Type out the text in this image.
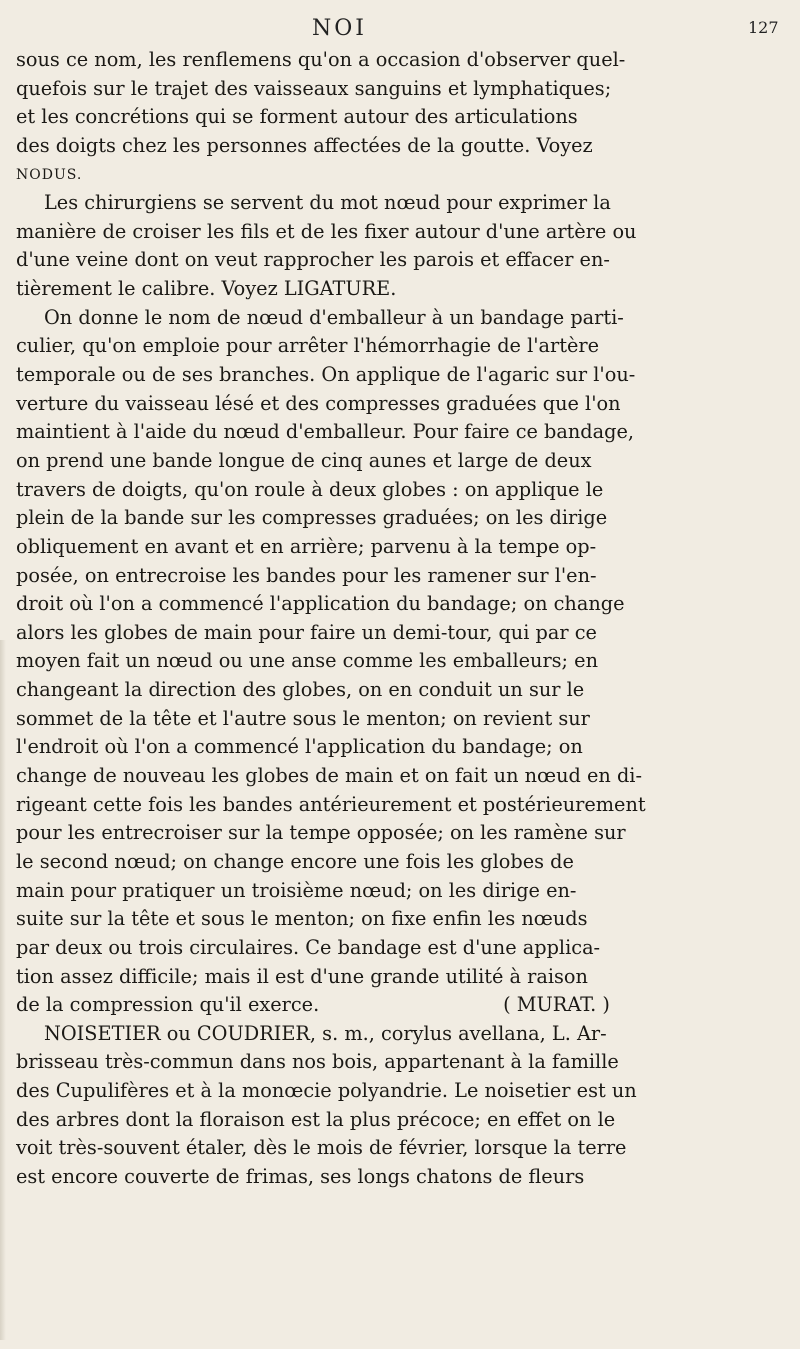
NOI	127
sous ce nom, les renflemens qu'on a occasion d'observer quel-
quefois sur le trajet des vaisseaux sanguins et lymphatiques;
et les concrétions qui se forment autour des articulations
des doigts chez les personnes affectées de la goutte. Voyez
NODUS.
Les chirurgiens se servent du mot nœud pour exprimer la
manière de croiser les fils et de les fixer autour d'une artère ou
d'une veine dont on veut rapprocher les parois et effacer en-
tièrement le calibre. Voyez LIGATURE.
On donne le nom de nœud d'emballeur à un bandage parti-
culier, qu'on emploie pour arrêter l'hémorrhagie de l'artère
temporale ou de ses branches. On applique de l'agaric sur l'ou-
verture du vaisseau lésé et des compresses graduées que l'on
maintient à l'aide du nœud d'emballeur. Pour faire ce bandage,
on prend une bande longue de cinq aunes et large de deux
travers de doigts, qu'on roule à deux globes : on applique le
plein de la bande sur les compresses graduées; on les dirige
obliquement en avant et en arrière; parvenu à la tempe op-
posée, on entrecroise les bandes pour les ramener sur l'en-
droit où l'on a commencé l'application du bandage; on change
alors les globes de main pour faire un demi-tour, qui par ce
moyen fait un nœud ou une anse comme les emballeurs; en
changeant la direction des globes, on en conduit un sur le
sommet de la tête et l'autre sous le menton; on revient sur
l'endroit où l'on a commencé l'application du bandage; on
change de nouveau les globes de main et on fait un nœud en di-
rigeant cette fois les bandes antérieurement et postérieurement
pour les entrecroiser sur la tempe opposée; on les ramène sur
le second nœud; on change encore une fois les globes de
main pour pratiquer un troisième nœud; on les dirige en-
suite sur la tête et sous le menton; on fixe enfin les nœuds
par deux ou trois circulaires. Ce bandage est d'une applica-
tion assez difficile; mais il est d'une grande utilité à raison
de la compression qu'il exerce.                              ( MURAT. )
NOISETIER ou COUDRIER, s. m., corylus avellana, L. Ar-
brisseau très-commun dans nos bois, appartenant à la famille
des Cupulifères et à la monœcie polyandrie. Le noisetier est un
des arbres dont la floraison est la plus précoce; en effet on le
voit très-souvent étaler, dès le mois de février, lorsque la terre
est encore couverte de frimas, ses longs chatons de fleurs
